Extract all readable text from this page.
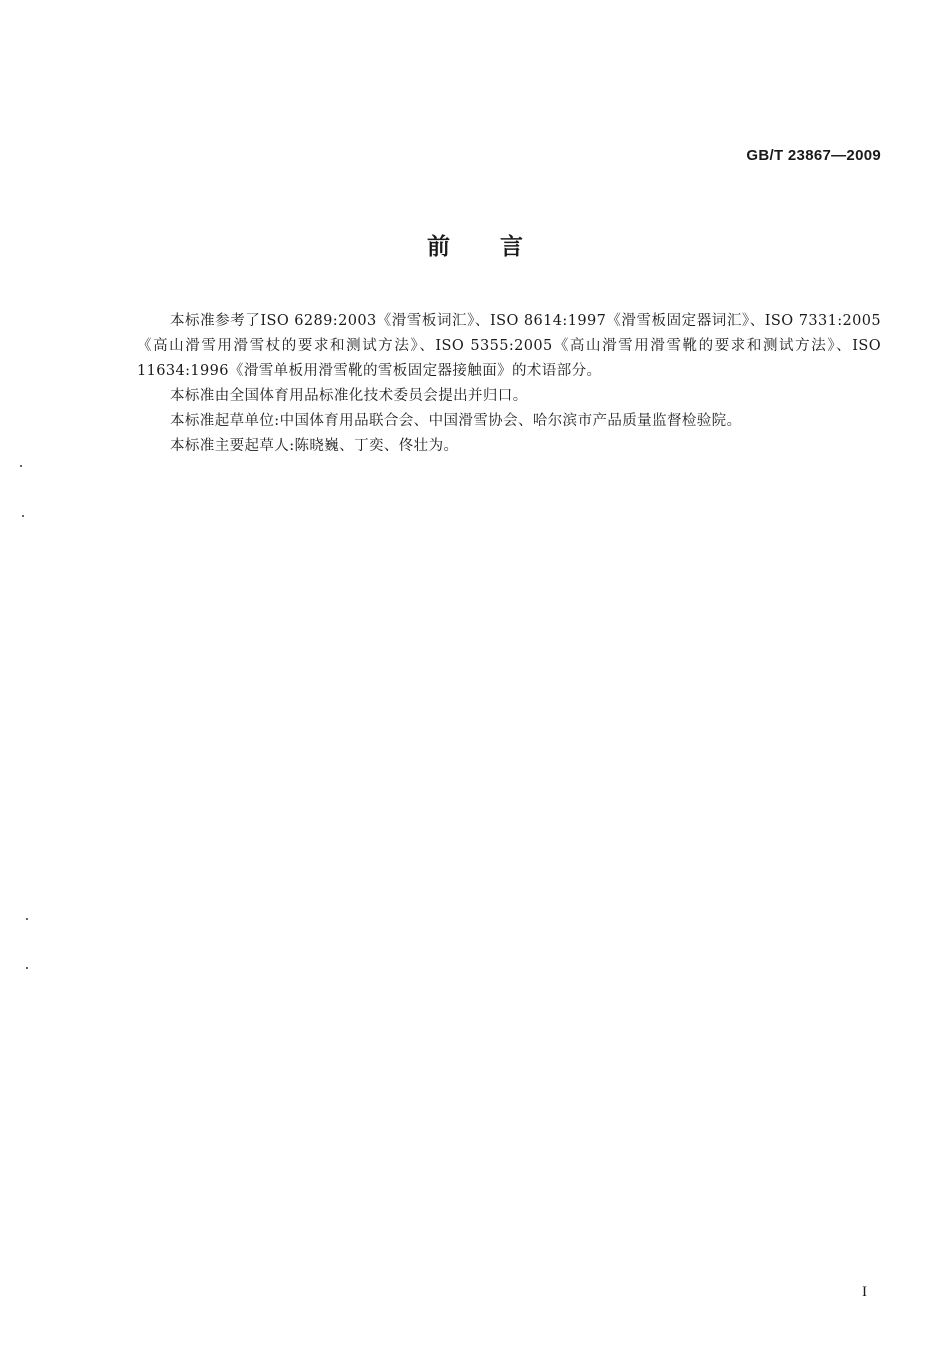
GB/T 23867—2009
前 言

本标准参考了ISO 6289:2003《滑雪板词汇》、ISO 8614:1997《滑雪板固定器词汇》、ISO 7331:2005《高山滑雪用滑雪杖的要求和测试方法》、ISO 5355:2005《高山滑雪用滑雪靴的要求和测试方法》、ISO 11634:1996《滑雪单板用滑雪靴的雪板固定器接触面》的术语部分。

本标准由全国体育用品标准化技术委员会提出并归口。

本标准起草单位:中国体育用品联合会、中国滑雪协会、哈尔滨市产品质量监督检验院。

本标准主要起草人:陈晓巍、丁奕、佟壮为。

I
